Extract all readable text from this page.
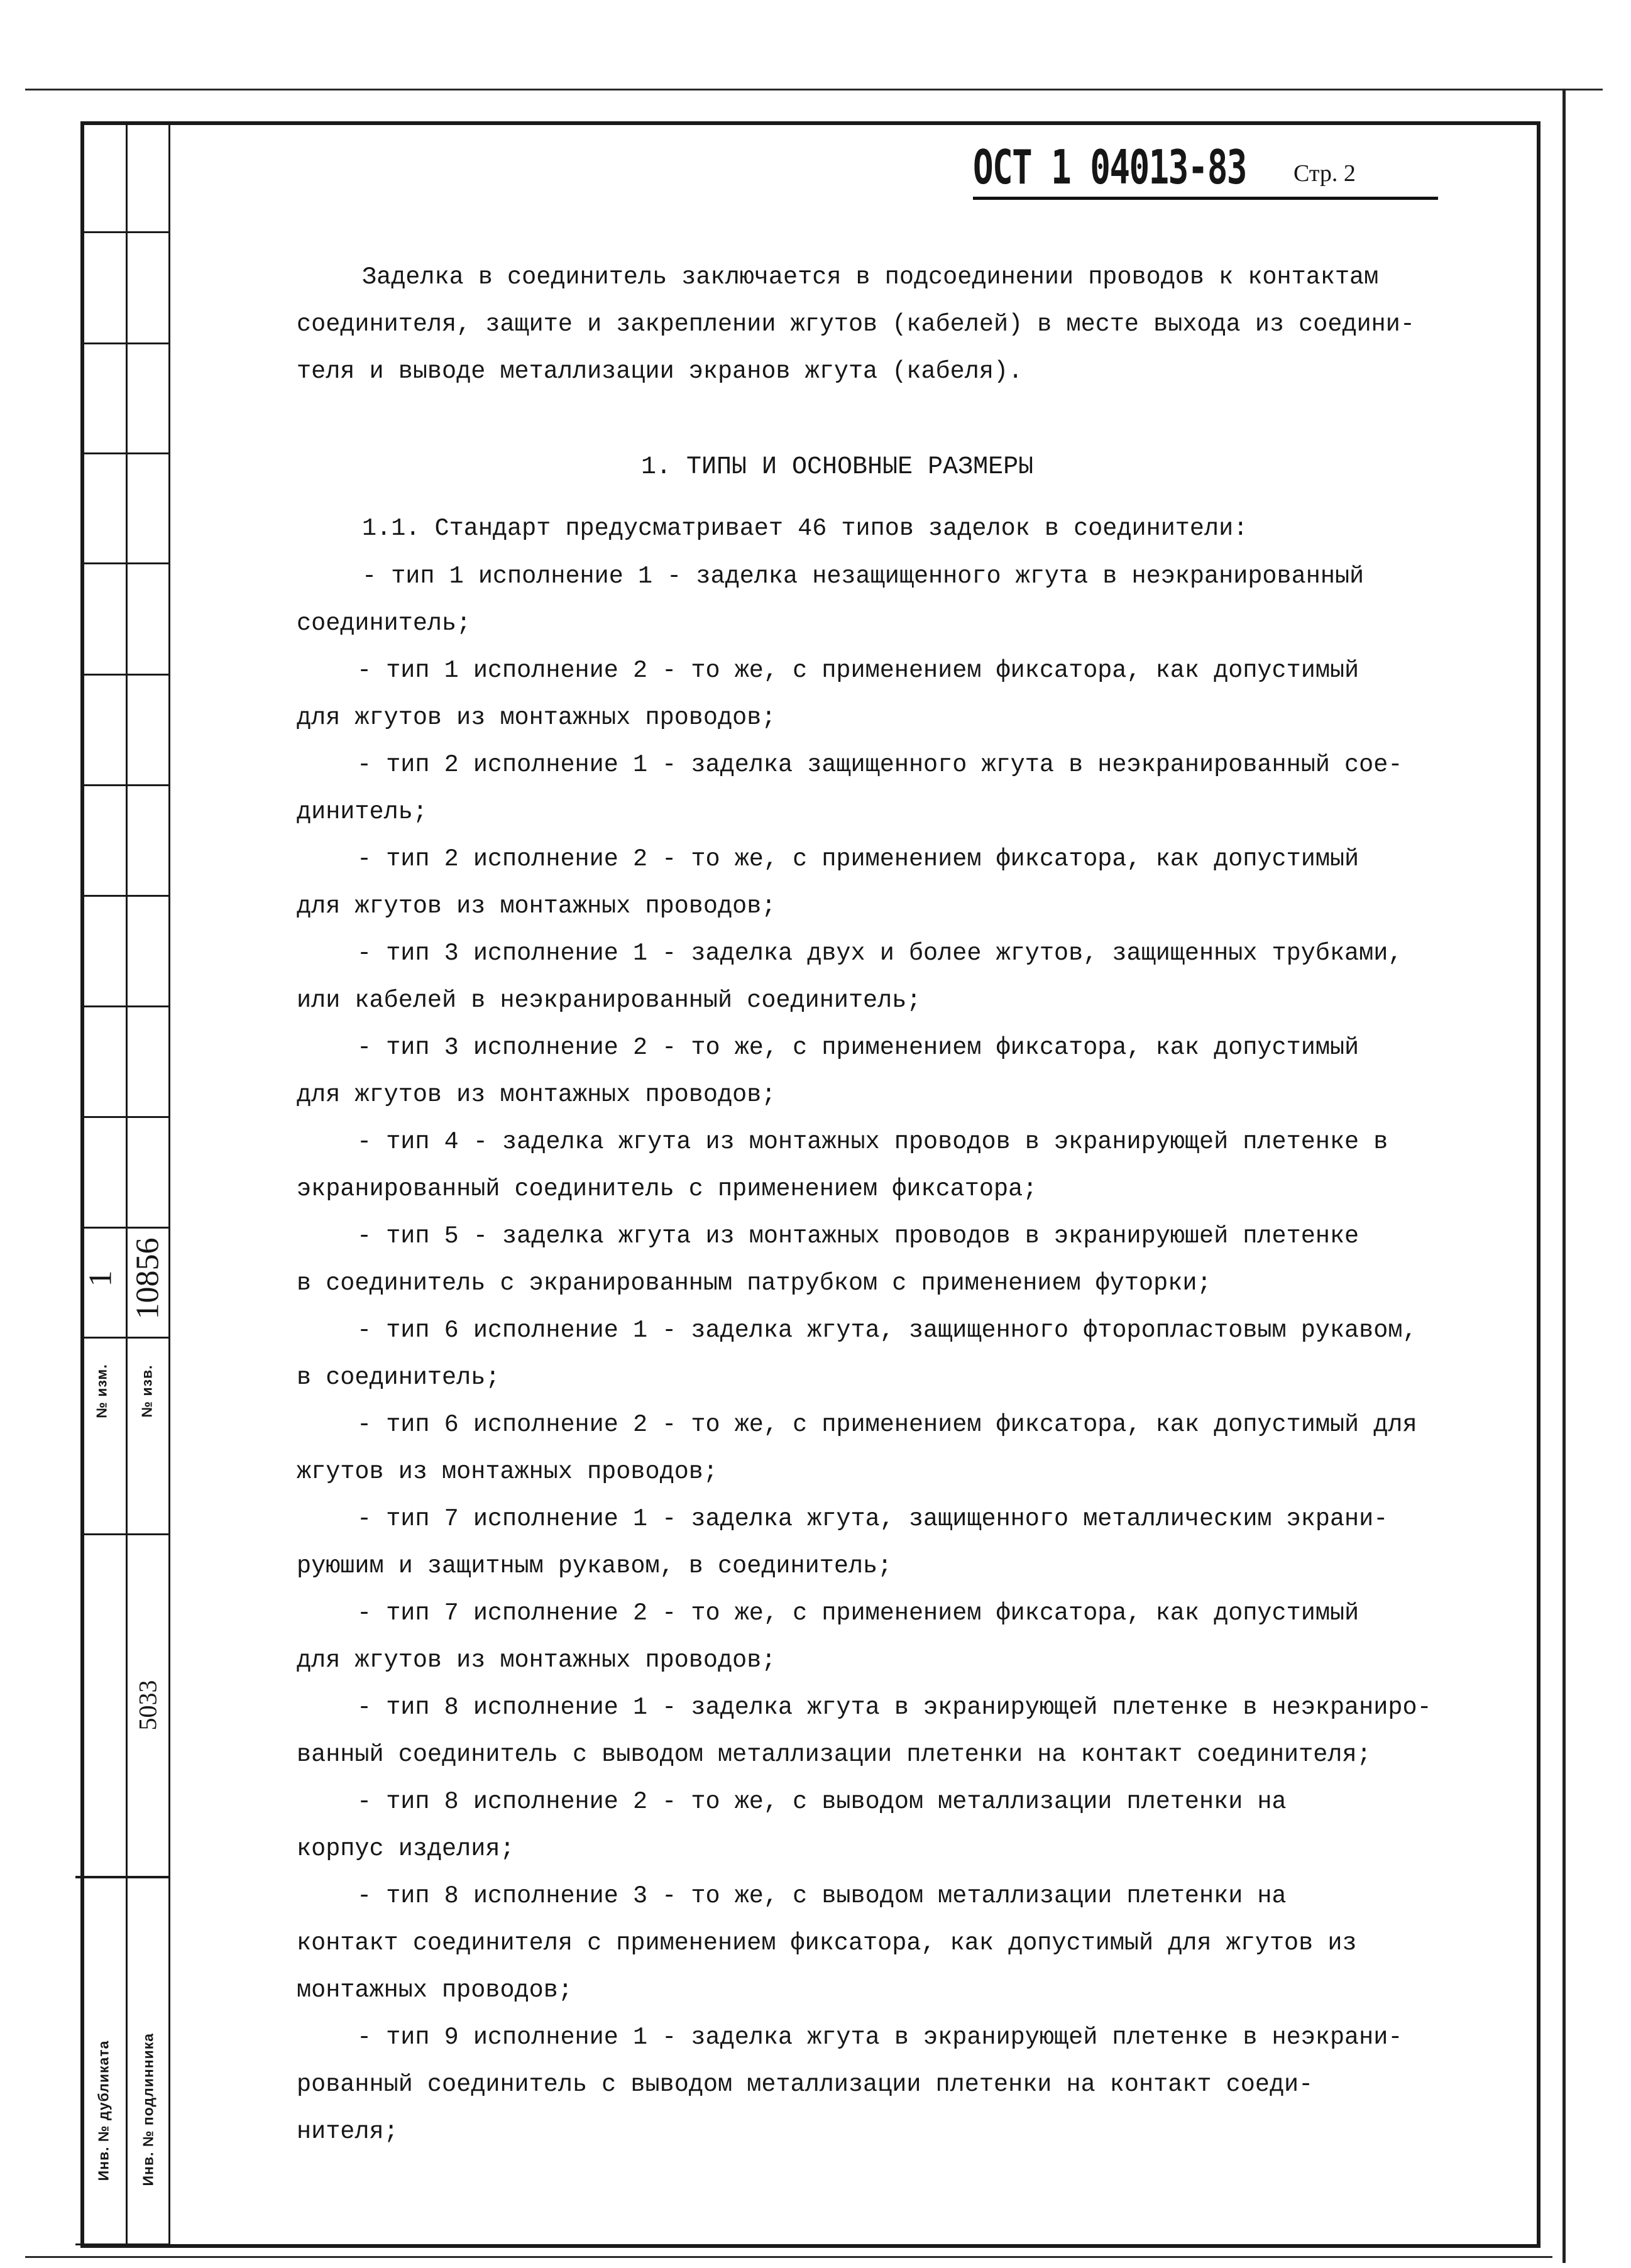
№ изм.
1
№ изв.
10856
5033
Инв. № дубликата Инв. № подлинника
ОСТ 1 04013-83 Стр. 2
Заделка в соединитель заключается в подсоединении проводов к контактам
соединителя, защите и закреплении жгутов (кабелей) в месте выхода из соедини-
теля и выводе металлизации экранов жгута (кабеля).
1. ТИПЫ И ОСНОВНЫЕ РАЗМЕРЫ
1.1. Стандарт предусматривает 46 типов заделок в соединители:
- тип 1 исполнение 1 - заделка незащищенного жгута в неэкранированный
соединитель;
- тип 1 исполнение 2 - то же, с применением фиксатора, как допустимый
для жгутов из монтажных проводов;
- тип 2 исполнение 1 - заделка защищенного жгута в неэкранированный сое-
динитель;
- тип 2 исполнение 2 - то же, с применением фиксатора, как допустимый
для жгутов из монтажных проводов;
- тип 3 исполнение 1 - заделка двух и более жгутов, защищенных трубками,
или кабелей в неэкранированный соединитель;
- тип 3 исполнение 2 - то же, с применением фиксатора, как допустимый
для жгутов из монтажных проводов;
- тип 4 - заделка жгута из монтажных проводов в экранирующей плетенке в
экранированный соединитель с применением фиксатора;
- тип 5 - заделка жгута из монтажных проводов в экранируюшей плетенке
в соединитель с экранированным патрубком с применением футорки;
- тип 6 исполнение 1 - заделка жгута, защищенного фторопластовым рукавом,
в соединитель;
- тип 6 исполнение 2 - то же, с применением фиксатора, как допустимый для
жгутов из монтажных проводов;
- тип 7 исполнение 1 - заделка жгута, защищенного металлическим экрани-
руюшим и защитным рукавом, в соединитель;
- тип 7 исполнение 2 - то же, с применением фиксатора, как допустимый
для жгутов из монтажных проводов;
- тип 8 исполнение 1 - заделка жгута в экранирующей плетенке в неэкраниро-
ванный соединитель с выводом металлизации плетенки на контакт соединителя;
- тип 8 исполнение 2 - то же, с выводом металлизации плетенки на
корпус изделия;
- тип 8 исполнение 3 - то же, с выводом металлизации плетенки на
контакт соединителя с применением фиксатора, как допустимый для жгутов из
монтажных проводов;
- тип 9 исполнение 1 - заделка жгута в экранирующей плетенке в неэкрани-
рованный соединитель с выводом металлизации плетенки на контакт соеди-
нителя;
